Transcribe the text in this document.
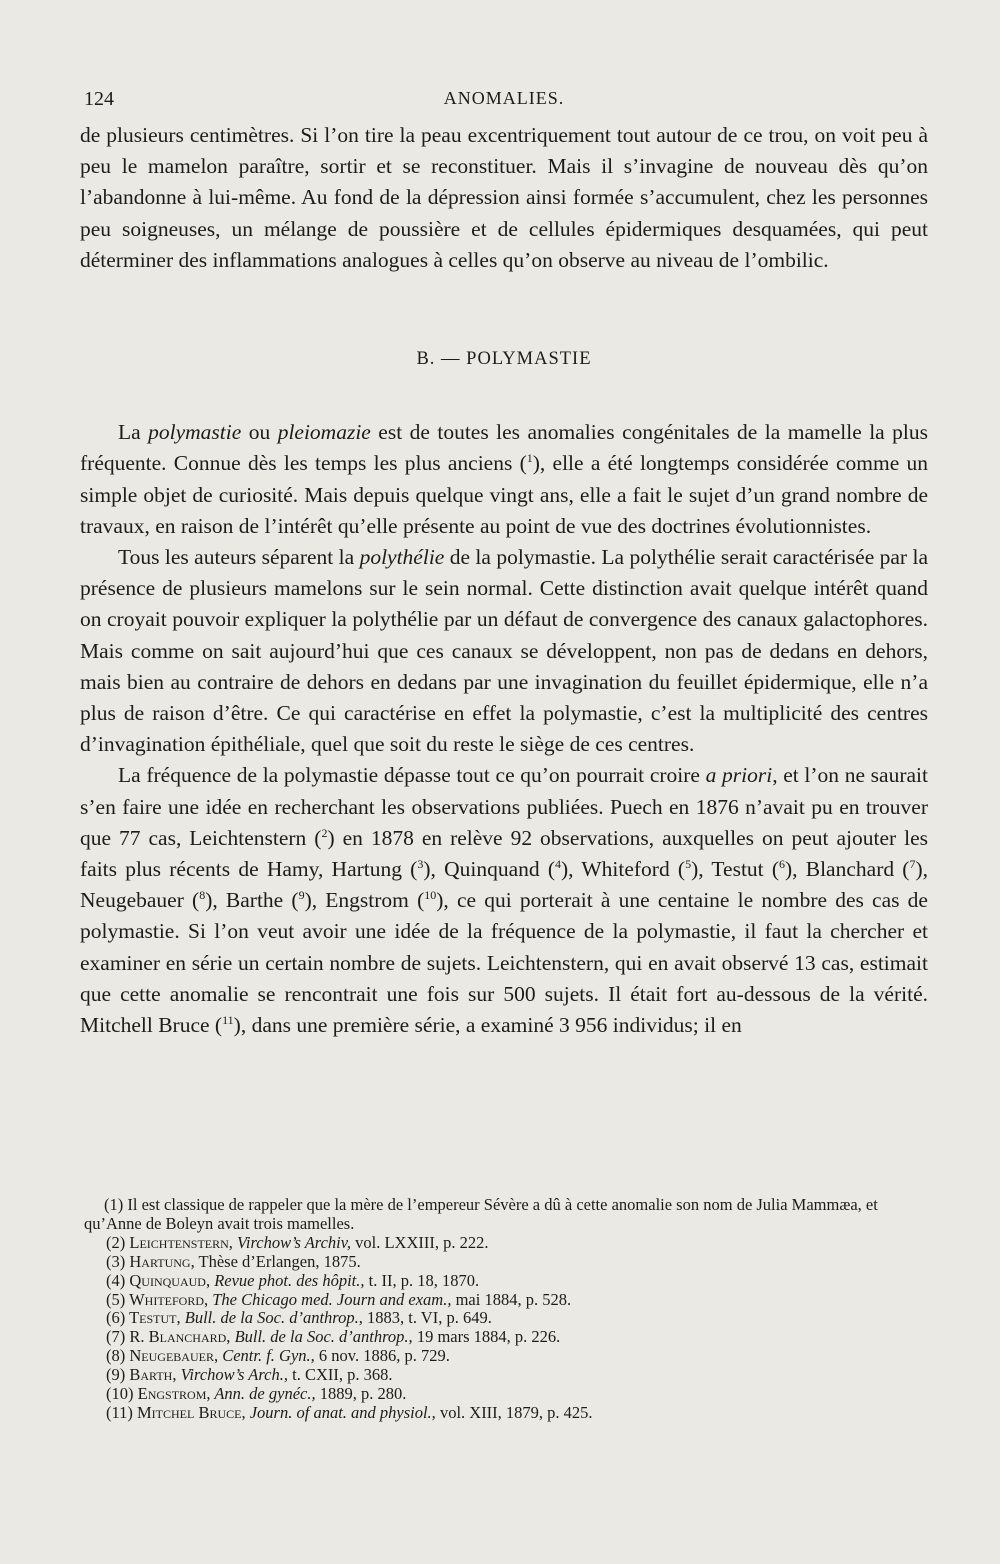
124	ANOMALIES.

de plusieurs centimètres. Si l’on tire la peau excentriquement tout autour de ce trou, on voit peu à peu le mamelon paraître, sortir et se reconstituer. Mais il s’invagine de nouveau dès qu’on l’abandonne à lui-même. Au fond de la dépression ainsi formée s’accumulent, chez les personnes peu soigneuses, un mélange de poussière et de cellules épidermiques desquamées, qui peut déterminer des inflammations analogues à celles qu’on observe au niveau de l’ombilic.

B. — POLYMASTIE

La polymastie ou pleiomazie est de toutes les anomalies congénitales de la mamelle la plus fréquente. Connue dès les temps les plus anciens ($^1$), elle a été longtemps considérée comme un simple objet de curiosité. Mais depuis quelque vingt ans, elle a fait le sujet d’un grand nombre de travaux, en raison de l’intérêt qu’elle présente au point de vue des doctrines évolutionnistes.

Tous les auteurs séparent la polythélie de la polymastie. La polythélie serait caractérisée par la présence de plusieurs mamelons sur le sein normal. Cette distinction avait quelque intérêt quand on croyait pouvoir expliquer la polythélie par un défaut de convergence des canaux galactophores. Mais comme on sait aujourd’hui que ces canaux se développent, non pas de dedans en dehors, mais bien au contraire de dehors en dedans par une invagination du feuillet épidermique, elle n’a plus de raison d’être. Ce qui caractérise en effet la polymastie, c’est la multiplicité des centres d’invagination épithéliale, quel que soit du reste le siège de ces centres.

La fréquence de la polymastie dépasse tout ce qu’on pourrait croire a priori, et l’on ne saurait s’en faire une idée en recherchant les observations publiées. Puech en 1876 n’avait pu en trouver que 77 cas, Leichtenstern ($^2$) en 1878 en relève 92 observations, auxquelles on peut ajouter les faits plus récents de Hamy, Hartung ($^3$), Quinquand ($^4$), Whiteford ($^5$), Testut ($^6$), Blanchard ($^7$), Neugebauer ($^8$), Barthe ($^9$), Engstrom ($^{10}$), ce qui porterait à une centaine le nombre des cas de polymastie. Si l’on veut avoir une idée de la fréquence de la polymastie, il faut la chercher et examiner en série un certain nombre de sujets. Leichtenstern, qui en avait observé 13 cas, estimait que cette anomalie se rencontrait une fois sur 500 sujets. Il était fort au-dessous de la vérité. Mitchell Bruce ($^{11}$), dans une première série, a examiné 3 956 individus; il en

(1) Il est classique de rappeler que la mère de l’empereur Sévère a dû à cette anomalie son nom de Julia Mammæa, et qu’Anne de Boleyn avait trois mamelles.

(2) Leichtenstern, Virchow’s Archiv, vol. LXXIII, p. 222.

(3) Hartung, Thèse d’Erlangen, 1875.

(4) Quinquaud, Revue phot. des hôpit., t. II, p. 18, 1870.

(5) Whiteford, The Chicago med. Journ and exam., mai 1884, p. 528.

(6) Testut, Bull. de la Soc. d’anthrop., 1883, t. VI, p. 649.

(7) R. Blanchard, Bull. de la Soc. d’anthrop., 19 mars 1884, p. 226.

(8) Neugebauer, Centr. f. Gyn., 6 nov. 1886, p. 729.

(9) Barth, Virchow’s Arch., t. CXII, p. 368.

(10) Engstrom, Ann. de gynéc., 1889, p. 280.

(11) Mitchel Bruce, Journ. of anat. and physiol., vol. XIII, 1879, p. 425.
